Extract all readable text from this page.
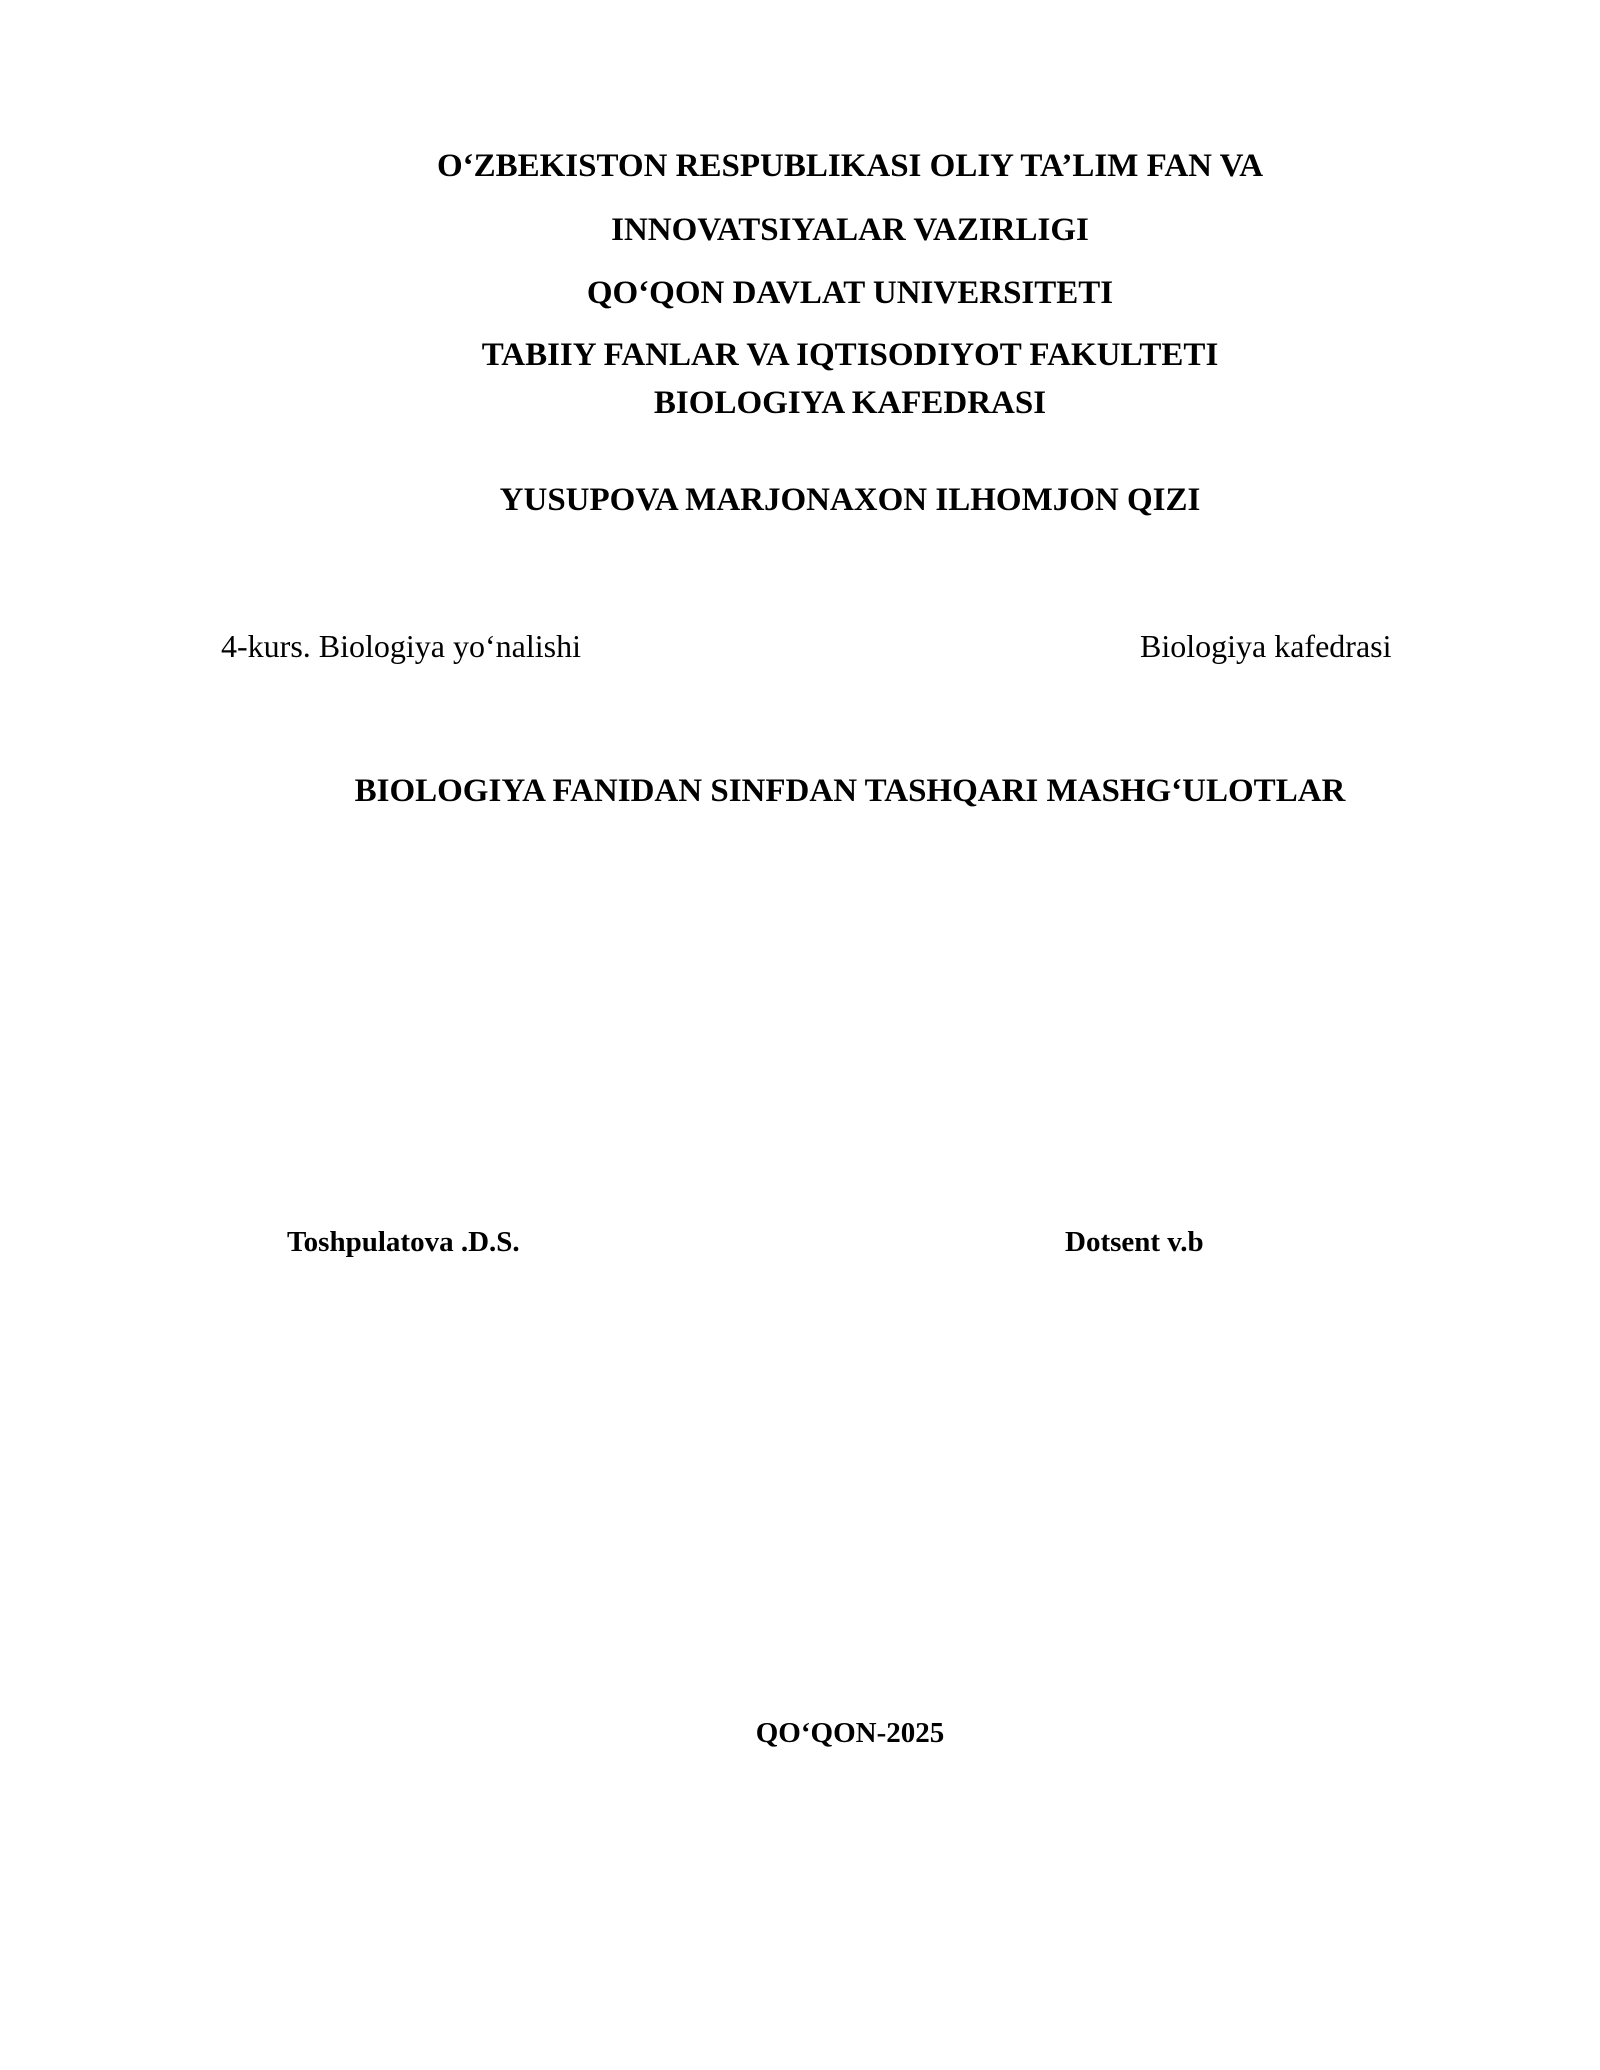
O‘ZBEKISTON RESPUBLIKASI OLIY TA’LIM FAN VA
INNOVATSIYALAR VAZIRLIGI
QO‘QON DAVLAT UNIVERSITETI
TABIIY FANLAR VA IQTISODIYOT FAKULTETI
BIOLOGIYA KAFEDRASI
YUSUPOVA MARJONAXON ILHOMJON QIZI
4-kurs. Biologiya yo‘nalishi	Biologiya kafedrasi
BIOLOGIYA FANIDAN SINFDAN TASHQARI MASHG‘ULOTLAR
Toshpulatova .D.S.	Dotsent v.b
QO‘QON-2025
